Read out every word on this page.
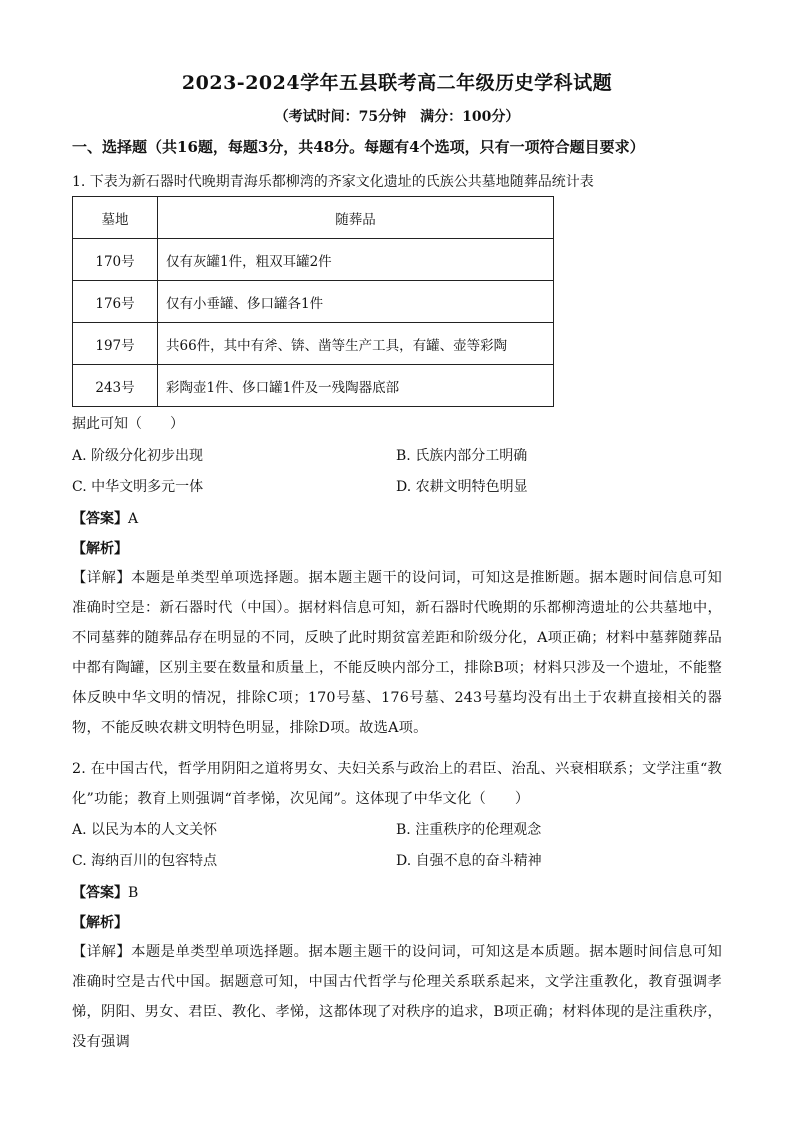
2023-2024学年五县联考高二年级历史学科试题
（考试时间：75分钟　满分：100分）
一、选择题（共16题，每题3分，共48分。每题有4个选项，只有一项符合题目要求）
1. 下表为新石器时代晚期青海乐都柳湾的齐家文化遗址的氏族公共墓地随葬品统计表
墓地	随葬品
170号	仅有灰罐1件，粗双耳罐2件
176号	仅有小垂罐、侈口罐各1件
197号	共66件，其中有斧、锛、凿等生产工具，有罐、壶等彩陶
243号	彩陶壶1件、侈口罐1件及一残陶器底部
据此可知（　　）
A. 阶级分化初步出现	B. 氏族内部分工明确
C. 中华文明多元一体	D. 农耕文明特色明显
【答案】A
【解析】
【详解】本题是单类型单项选择题。据本题主题干的设问词，可知这是推断题。据本题时间信息可知准确时空是：新石器时代（中国）。据材料信息可知，新石器时代晚期的乐都柳湾遗址的公共墓地中，不同墓葬的随葬品存在明显的不同，反映了此时期贫富差距和阶级分化，A项正确；材料中墓葬随葬品中都有陶罐，区别主要在数量和质量上，不能反映内部分工，排除B项；材料只涉及一个遗址，不能整体反映中华文明的情况，排除C项；170号墓、176号墓、243号墓均没有出土于农耕直接相关的器物，不能反映农耕文明特色明显，排除D项。故选A项。
2. 在中国古代，哲学用阴阳之道将男女、夫妇关系与政治上的君臣、治乱、兴衰相联系；文学注重“教化”功能；教育上则强调“首孝悌，次见闻”。这体现了中华文化（　　）
A. 以民为本的人文关怀	B. 注重秩序的伦理观念
C. 海纳百川的包容特点	D. 自强不息的奋斗精神
【答案】B
【解析】
【详解】本题是单类型单项选择题。据本题主题干的设问词，可知这是本质题。据本题时间信息可知准确时空是古代中国。据题意可知，中国古代哲学与伦理关系联系起来，文学注重教化，教育强调孝悌，阴阳、男女、君臣、教化、孝悌，这都体现了对秩序的追求，B项正确；材料体现的是注重秩序，没有强调
